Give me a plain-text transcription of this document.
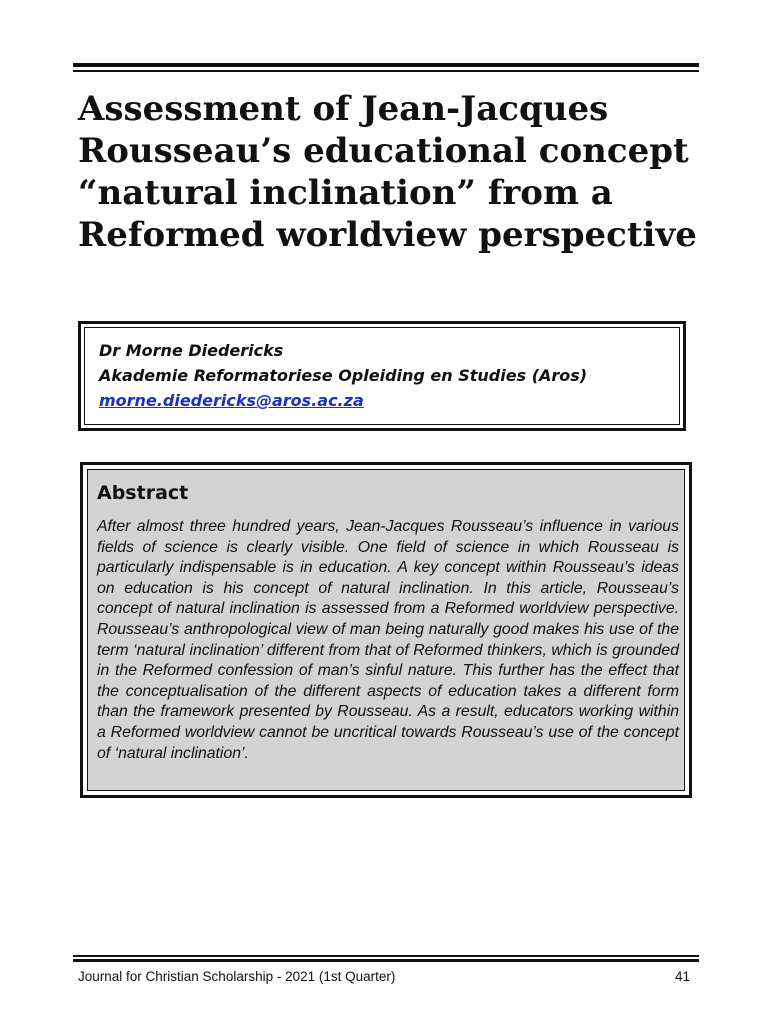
Assessment of Jean-Jacques Rousseau’s educational concept “natural inclination” from a Reformed worldview perspective
Dr Morne Diederick​s
Akademie Reformatoriese Opleiding en Studies (Aros)
morne.diedericks@aros.ac.za
Abstract

After almost three hundred years, Jean-Jacques Rousseau’s influence in various fields of science is clearly visible. One field of science in which Rousseau is particularly indispensable is in education. A key concept within Rousseau’s ideas on education is his concept of natural inclination. In this article, Rousseau’s concept of natural inclination is assessed from a Reformed worldview perspective. Rousseau’s anthropological view of man being naturally good makes his use of the term ‘natural inclination’ different from that of Reformed thinkers, which is grounded in the Reformed confession of man’s sinful nature. This further has the effect that the conceptualisation of the different aspects of education takes a different form than the framework presented by Rousseau. As a result, educators working within a Reformed worldview cannot be uncritical towards Rousseau’s use of the concept of ‘natural inclination’.

Journal for Christian Scholarship - 2021 (1st Quarter)	41
